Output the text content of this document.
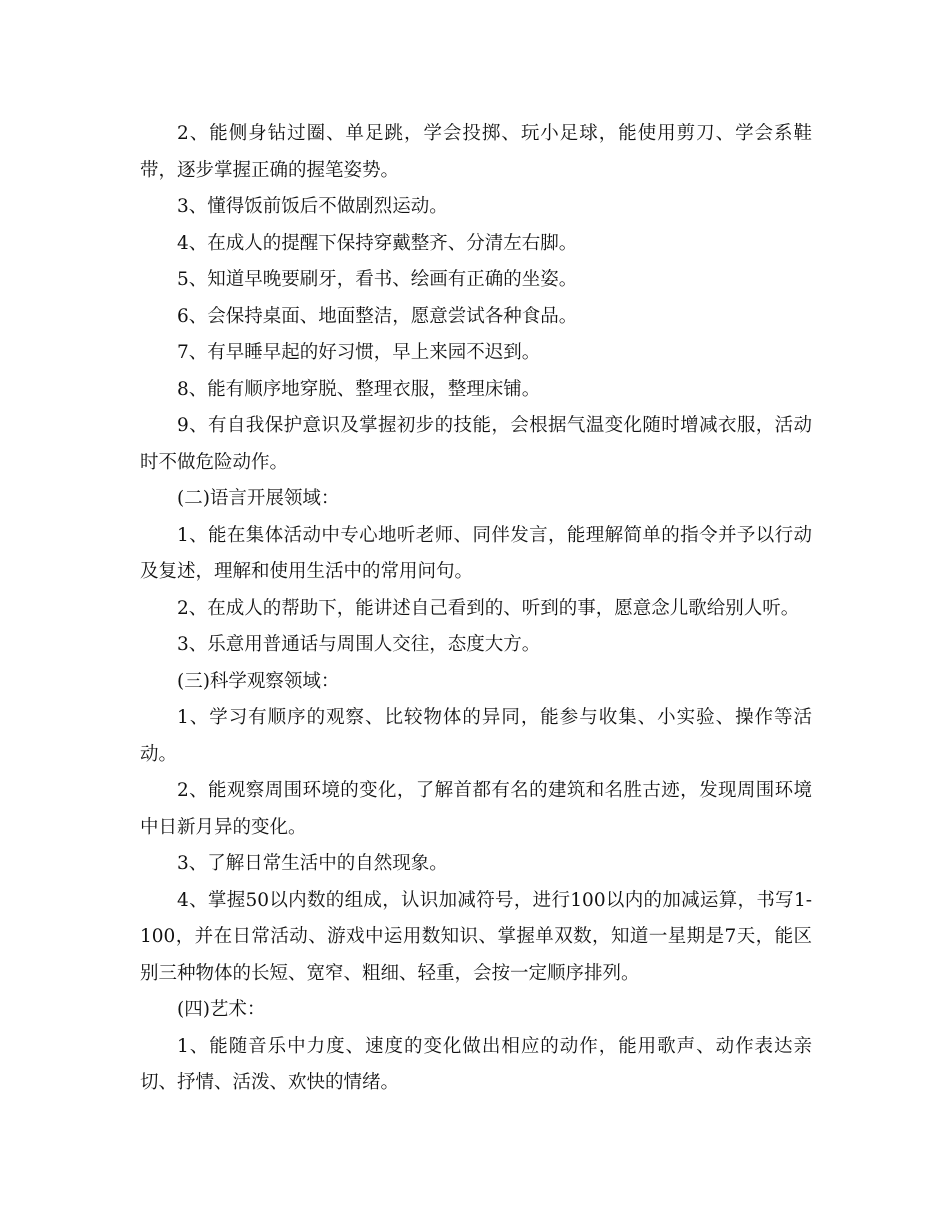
2、能侧身钻过圈、单足跳，学会投掷、玩小足球，能使用剪刀、学会系鞋带，逐步掌握正确的握笔姿势。

3、懂得饭前饭后不做剧烈运动。

4、在成人的提醒下保持穿戴整齐、分清左右脚。

5、知道早晚要刷牙，看书、绘画有正确的坐姿。

6、会保持桌面、地面整洁，愿意尝试各种食品。

7、有早睡早起的好习惯，早上来园不迟到。

8、能有顺序地穿脱、整理衣服，整理床铺。

9、有自我保护意识及掌握初步的技能，会根据气温变化随时增减衣服，活动时不做危险动作。

(二)语言开展领域：

1、能在集体活动中专心地听老师、同伴发言，能理解简单的指令并予以行动及复述，理解和使用生活中的常用问句。

2、在成人的帮助下，能讲述自己看到的、听到的事，愿意念儿歌给别人听。

3、乐意用普通话与周围人交往，态度大方。

(三)科学观察领域：

1、学习有顺序的观察、比较物体的异同，能参与收集、小实验、操作等活动。

2、能观察周围环境的变化，了解首都有名的建筑和名胜古迹，发现周围环境中日新月异的变化。

3、了解日常生活中的自然现象。

4、掌握50以内数的组成，认识加减符号，进行100以内的加减运算，书写1-100，并在日常活动、游戏中运用数知识、掌握单双数，知道一星期是7天，能区别三种物体的长短、宽窄、粗细、轻重，会按一定顺序排列。

(四)艺术：

1、能随音乐中力度、速度的变化做出相应的动作，能用歌声、动作表达亲切、抒情、活泼、欢快的情绪。
